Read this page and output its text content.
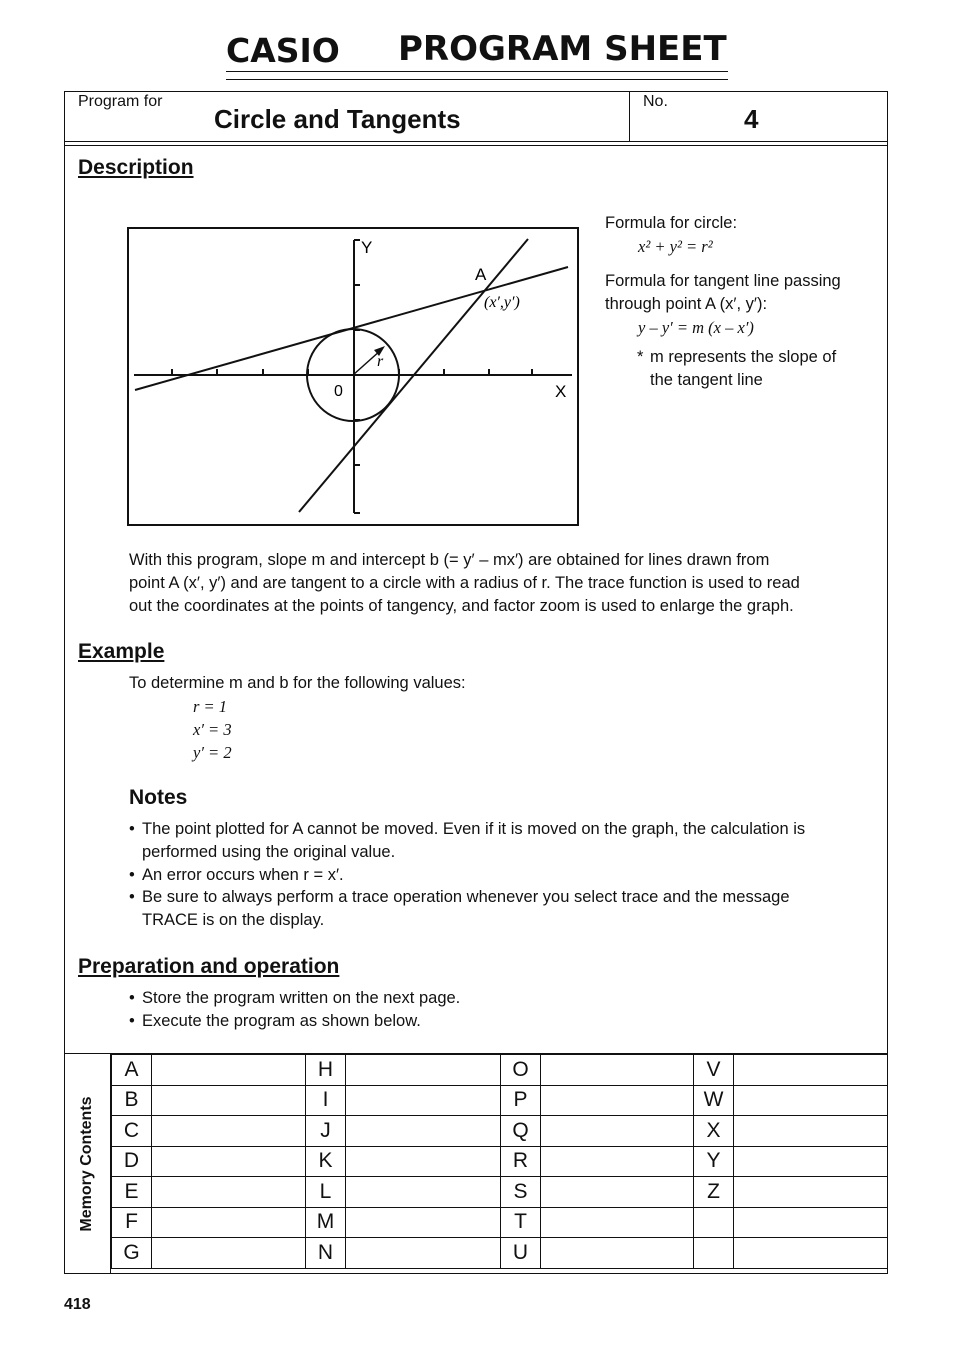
CASIO PROGRAM SHEET
Program for
Circle and Tangents
No.
4
Description
Y
X
0
A
(x′,y′)
r
Formula for circle:
x² + y² = r²
Formula for tangent line passing
through point A (x′, y′):
y – y′ = m (x – x′)
* m represents the slope of
the tangent line
With this program, slope m and intercept b (= y′ – mx′) are obtained for lines drawn from
point A (x′, y′) and are tangent to a circle with a radius of r. The trace function is used to read
out the coordinates at the points of tangency, and factor zoom is used to enlarge the graph.
Example
To determine m and b for the following values:
r = 1
x′ = 3
y′ = 2
Notes
• The point plotted for A cannot be moved. Even if it is moved on the graph, the calculation is
performed using the original value.
• An error occurs when r = x′.
• Be sure to always perform a trace operation whenever you select trace and the message
TRACE is on the display.
Preparation and operation
• Store the program written on the next page.
• Execute the program as shown below.
Memory Contents
A		H		O		V	
B		I		P		W	
C		J		Q		X	
D		K		R		Y	
E		L		S		Z	
F		M		T			
G		N		U			
418
